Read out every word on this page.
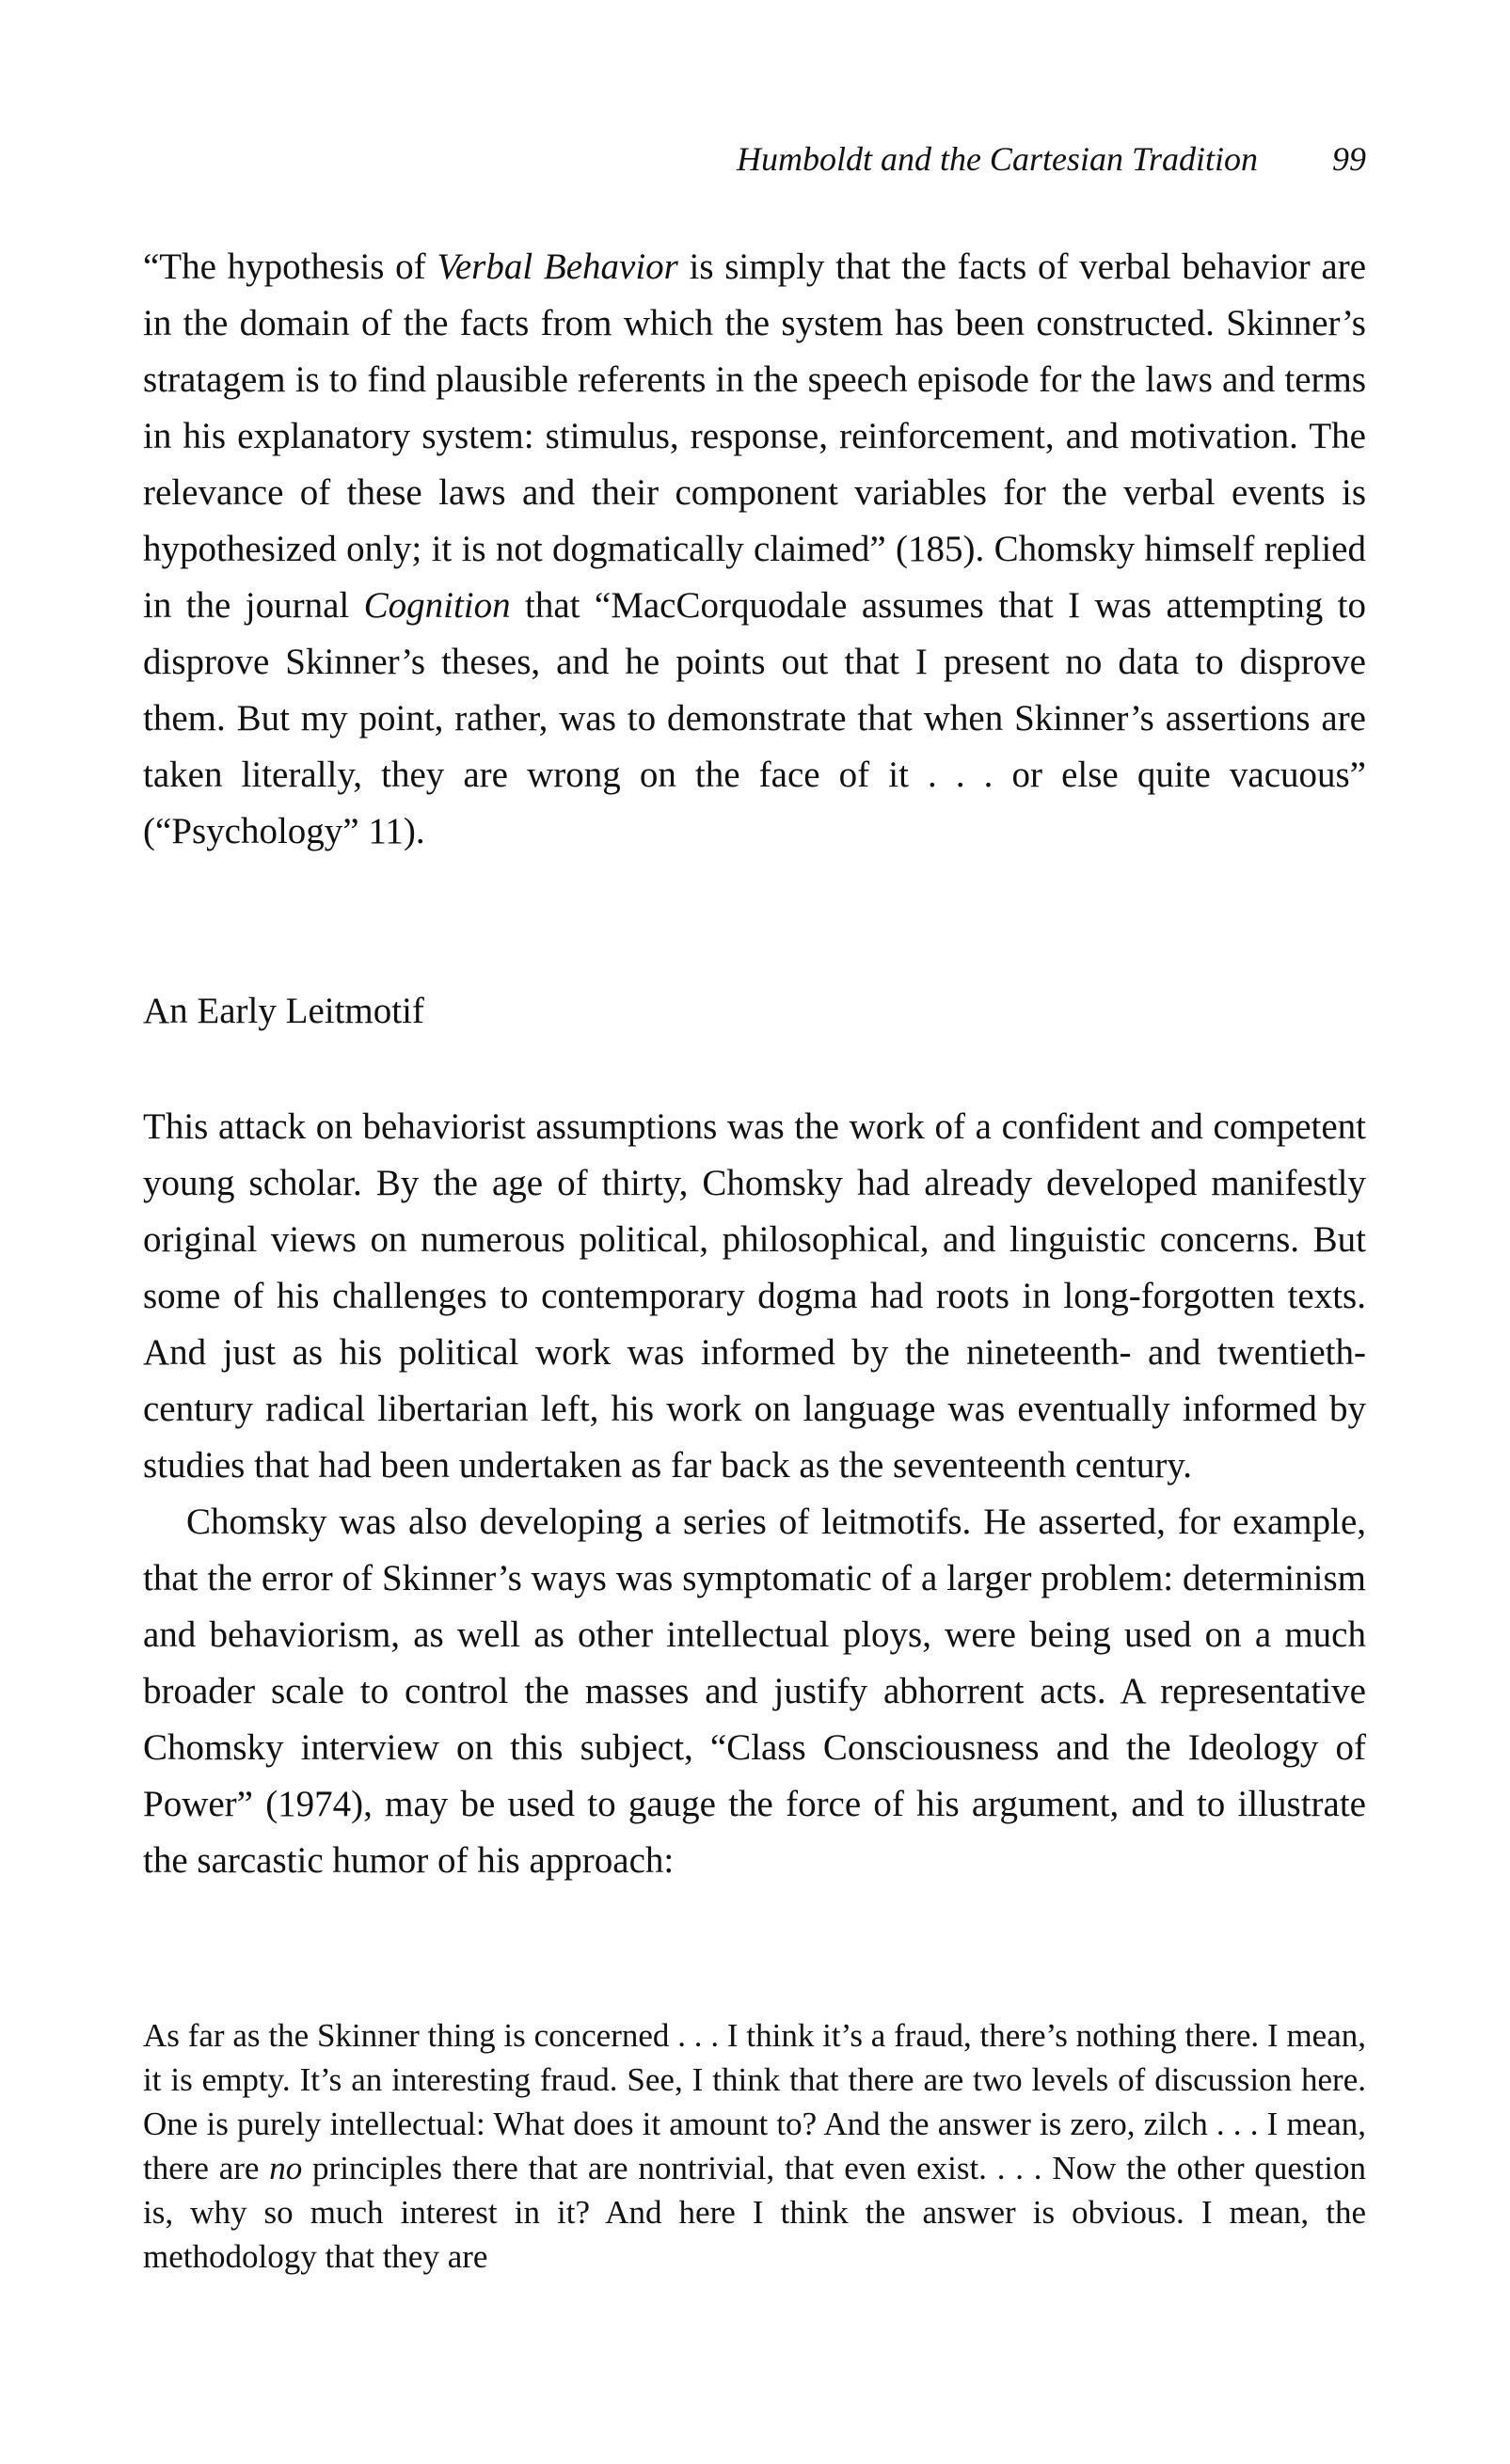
Humboldt and the Cartesian Tradition 99

“The hypothesis of Verbal Behavior is simply that the facts of verbal behavior are in the domain of the facts from which the system has been constructed. Skinner’s stratagem is to find plausible referents in the speech episode for the laws and terms in his explanatory system: stimulus, response, reinforcement, and motivation. The relevance of these laws and their component variables for the verbal events is hypothesized only; it is not dogmatically claimed” (185). Chomsky himself replied in the journal Cognition that “MacCorquodale assumes that I was attempting to disprove Skinner’s theses, and he points out that I present no data to disprove them. But my point, rather, was to demonstrate that when Skinner’s assertions are taken literally, they are wrong on the face of it . . . or else quite vacuous” (“Psychology” 11).

An Early Leitmotif

This attack on behaviorist assumptions was the work of a confident and competent young scholar. By the age of thirty, Chomsky had already developed manifestly original views on numerous political, philosophical, and linguistic concerns. But some of his challenges to contemporary dogma had roots in long-forgotten texts. And just as his political work was informed by the nineteenth- and twentieth-century radical libertarian left, his work on language was eventually informed by studies that had been undertaken as far back as the seventeenth century.

Chomsky was also developing a series of leitmotifs. He asserted, for example, that the error of Skinner’s ways was symptomatic of a larger problem: determinism and behaviorism, as well as other intellectual ploys, were being used on a much broader scale to control the masses and justify abhorrent acts. A representative Chomsky interview on this subject, “Class Consciousness and the Ideology of Power” (1974), may be used to gauge the force of his argument, and to illustrate the sarcastic humor of his approach:

As far as the Skinner thing is concerned . . . I think it’s a fraud, there’s nothing there. I mean, it is empty. It’s an interesting fraud. See, I think that there are two levels of discussion here. One is purely intellectual: What does it amount to? And the answer is zero, zilch . . . I mean, there are no principles there that are nontrivial, that even exist. . . . Now the other question is, why so much interest in it? And here I think the answer is obvious. I mean, the methodology that they are
